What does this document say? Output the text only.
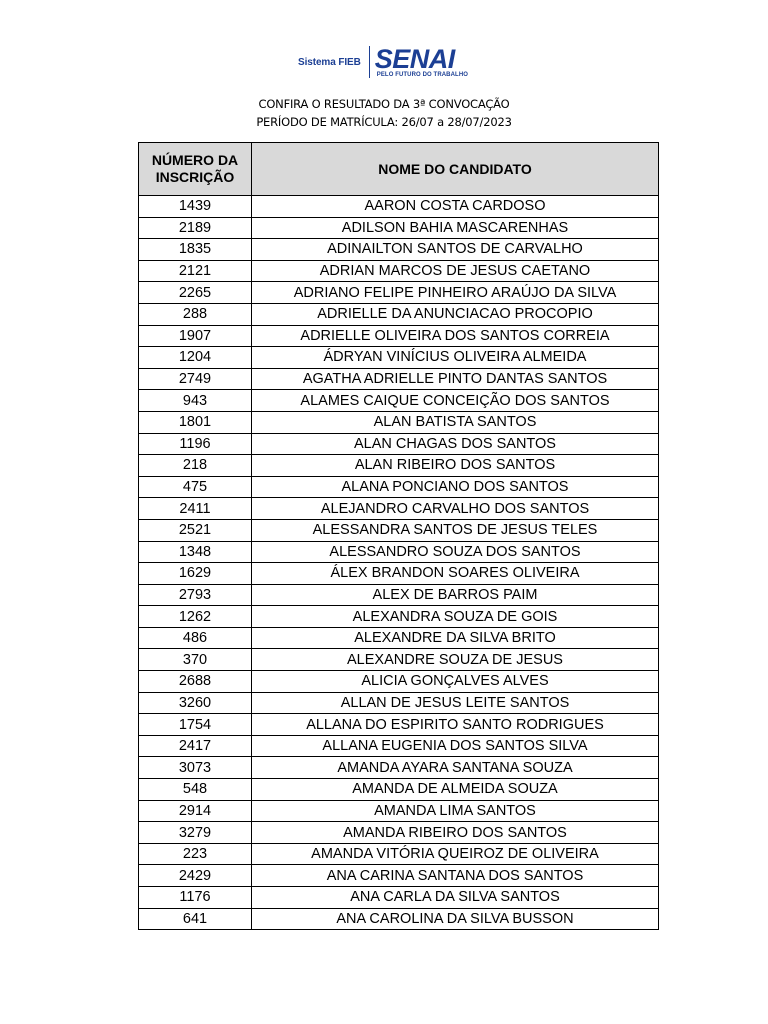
Sistema FIEB SENAI
PELO FUTURO DO TRABALHO
CONFIRA O RESULTADO DA 3ª CONVOCAÇÃO
PERÍODO DE MATRÍCULA: 26/07 a 28/07/2023
NÚMERO DA
INSCRIÇÃO	NOME DO CANDIDATO
1439	AARON COSTA CARDOSO
2189	ADILSON BAHIA MASCARENHAS
1835	ADINAILTON SANTOS DE CARVALHO
2121	ADRIAN MARCOS DE JESUS CAETANO
2265	ADRIANO FELIPE PINHEIRO ARAÚJO DA SILVA
288	ADRIELLE DA ANUNCIACAO PROCOPIO
1907	ADRIELLE OLIVEIRA DOS SANTOS CORREIA
1204	ÁDRYAN VINÍCIUS OLIVEIRA ALMEIDA
2749	AGATHA ADRIELLE PINTO DANTAS SANTOS
943	ALAMES CAIQUE CONCEIÇÃO DOS SANTOS
1801	ALAN BATISTA SANTOS
1196	ALAN CHAGAS DOS SANTOS
218	ALAN RIBEIRO DOS SANTOS
475	ALANA PONCIANO DOS SANTOS
2411	ALEJANDRO CARVALHO DOS SANTOS
2521	ALESSANDRA SANTOS DE JESUS TELES
1348	ALESSANDRO SOUZA DOS SANTOS
1629	ÁLEX BRANDON SOARES OLIVEIRA
2793	ALEX DE BARROS PAIM
1262	ALEXANDRA SOUZA DE GOIS
486	ALEXANDRE DA SILVA BRITO
370	ALEXANDRE SOUZA DE JESUS
2688	ALICIA GONÇALVES ALVES
3260	ALLAN DE JESUS LEITE SANTOS
1754	ALLANA DO ESPIRITO SANTO RODRIGUES
2417	ALLANA EUGENIA DOS SANTOS SILVA
3073	AMANDA AYARA SANTANA SOUZA
548	AMANDA DE ALMEIDA SOUZA
2914	AMANDA LIMA SANTOS
3279	AMANDA RIBEIRO DOS SANTOS
223	AMANDA VITÓRIA QUEIROZ DE OLIVEIRA
2429	ANA CARINA SANTANA DOS SANTOS
1176	ANA CARLA DA SILVA SANTOS
641	ANA CAROLINA DA SILVA BUSSON
